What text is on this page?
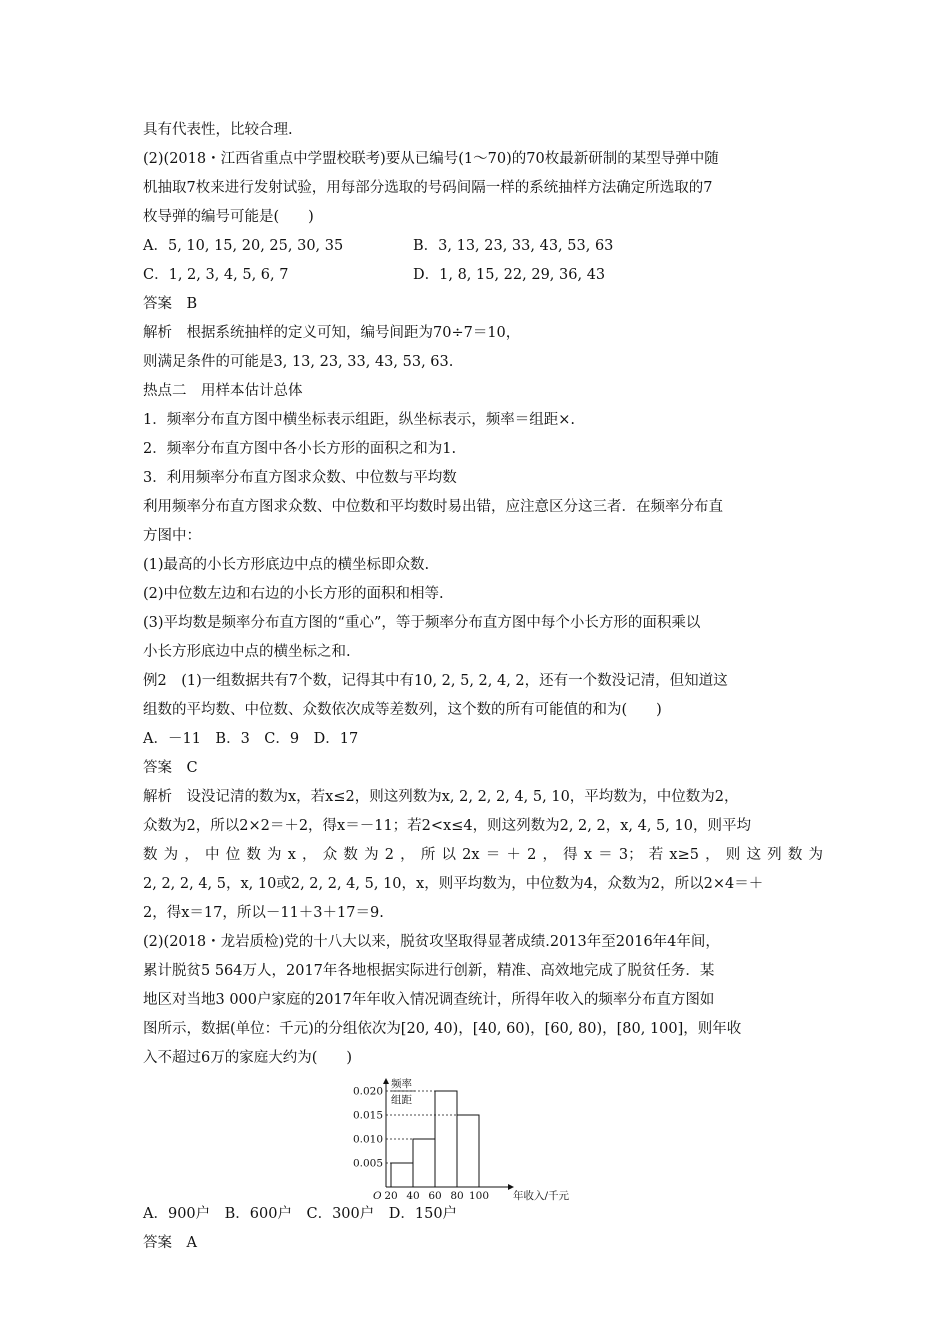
具有代表性，比较合理.
(2)(2018・江西省重点中学盟校联考)要从已编号(1～70)的70枚最新研制的某型导弹中随
机抽取7枚来进行发射试验，用每部分选取的号码间隔一样的系统抽样方法确定所选取的7
枚导弹的编号可能是(　　)
A．5, 10, 15, 20, 25, 30, 35	B．3, 13, 23, 33, 43, 53, 63
C．1, 2, 3, 4, 5, 6, 7	D．1, 8, 15, 22, 29, 36, 43
答案　B
解析　根据系统抽样的定义可知，编号间距为70÷7＝10，
则满足条件的可能是3, 13, 23, 33, 43, 53, 63.
热点二　用样本估计总体
1．频率分布直方图中横坐标表示组距，纵坐标表示，频率＝组距×.
2．频率分布直方图中各小长方形的面积之和为1.
3．利用频率分布直方图求众数、中位数与平均数
利用频率分布直方图求众数、中位数和平均数时易出错，应注意区分这三者．在频率分布直
方图中：
(1)最高的小长方形底边中点的横坐标即众数.
(2)中位数左边和右边的小长方形的面积和相等.
(3)平均数是频率分布直方图的“重心”，等于频率分布直方图中每个小长方形的面积乘以
小长方形底边中点的横坐标之和.
例2　(1)一组数据共有7个数，记得其中有10, 2, 5, 2, 4, 2，还有一个数没记清，但知道这
组数的平均数、中位数、众数依次成等差数列，这个数的所有可能值的和为(　　)
A．－11　B．3　C．9　D．17
答案　C
解析　设没记清的数为x，若x≤2，则这列数为x, 2, 2, 2, 4, 5, 10，平均数为，中位数为2，
众数为2，所以2×2＝＋2，得x＝－11；若2<x≤4，则这列数为2, 2, 2，x, 4, 5, 10，则平均
数为，中位数为x，众数为2，所以2x＝＋2，得x＝3；若x≥5，则这列数为
2, 2, 2, 4, 5，x, 10或2, 2, 2, 4, 5, 10，x，则平均数为，中位数为4，众数为2，所以2×4＝＋
2，得x＝17，所以－11＋3＋17＝9.
(2)(2018・龙岩质检)党的十八大以来，脱贫攻坚取得显著成绩.2013年至2016年4年间，
累计脱贫5 564万人，2017年各地根据实际进行创新，精准、高效地完成了脱贫任务．某
地区对当地3 000户家庭的2017年年收入情况调查统计，所得年收入的频率分布直方图如
图所示，数据(单位：千元)的分组依次为[20, 40)，[40, 60)，[60, 80)，[80, 100]，则年收
入不超过6万的家庭大约为(　　)
频率
组距
O	年收入/千元
0.005
0.010
0.015
0.020
20 40 60 80 100
A．900户　B．600户　C．300户　D．150户
答案　A
